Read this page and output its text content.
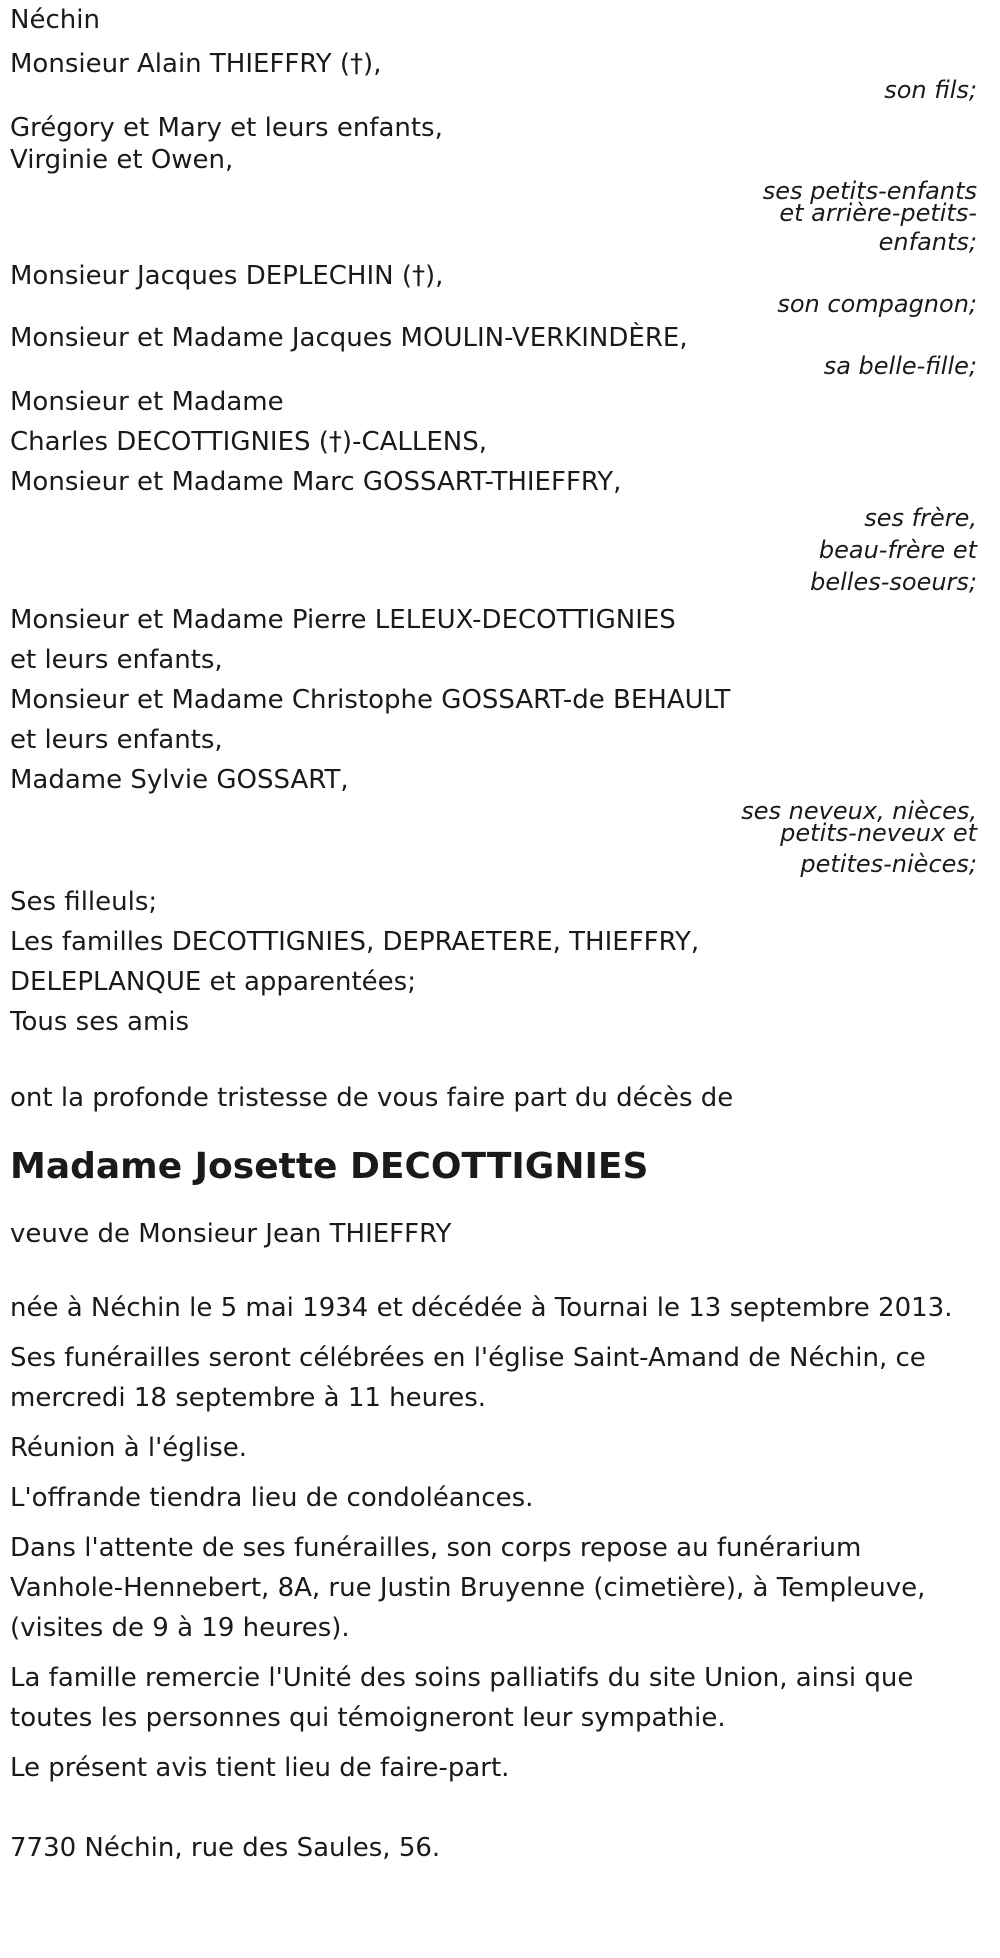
Néchin
Monsieur Alain THIEFFRY (†),
son fils;
Grégory et Mary et leurs enfants,
Virginie et Owen,
ses petits-enfants
et arrière-petits-
enfants;
Monsieur Jacques DEPLECHIN (†),
son compagnon;
Monsieur et Madame Jacques MOULIN-VERKINDÈRE,
sa belle-fille;
Monsieur et Madame
Charles DECOTTIGNIES (†)-CALLENS,
Monsieur et Madame Marc GOSSART-THIEFFRY,
ses frère,
beau-frère et
belles-soeurs;
Monsieur et Madame Pierre LELEUX-DECOTTIGNIES
et leurs enfants,
Monsieur et Madame Christophe GOSSART-de BEHAULT
et leurs enfants,
Madame Sylvie GOSSART,
ses neveux, nièces,
petits-neveux et
petites-nièces;
Ses filleuls;
Les familles DECOTTIGNIES, DEPRAETERE, THIEFFRY,
DELEPLANQUE et apparentées;
Tous ses amis
ont la profonde tristesse de vous faire part du décès de
Madame Josette DECOTTIGNIES
veuve de Monsieur Jean THIEFFRY
née à Néchin le 5 mai 1934 et décédée à Tournai le 13 septembre 2013.
Ses funérailles seront célébrées en l'église Saint-Amand de Néchin, ce
mercredi 18 septembre à 11 heures.
Réunion à l'église.
L'offrande tiendra lieu de condoléances.
Dans l'attente de ses funérailles, son corps repose au funérarium
Vanhole-Hennebert, 8A, rue Justin Bruyenne (cimetière), à Templeuve,
(visites de 9 à 19 heures).
La famille remercie l'Unité des soins palliatifs du site Union, ainsi que
toutes les personnes qui témoigneront leur sympathie.
Le présent avis tient lieu de faire-part.
7730 Néchin, rue des Saules, 56.
